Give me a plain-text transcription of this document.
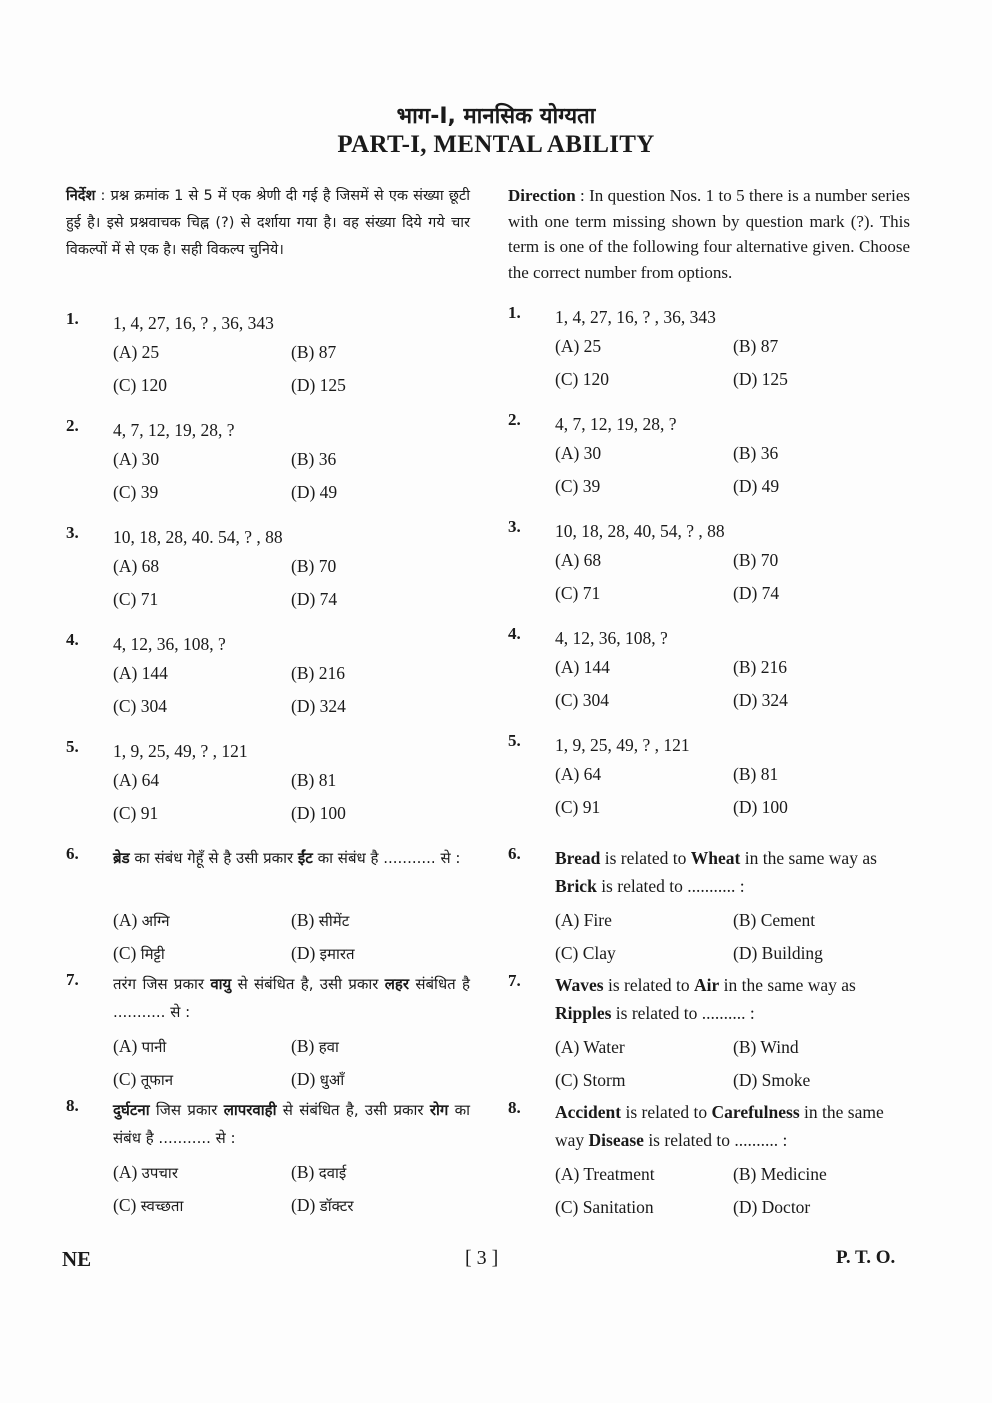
भाग-I, मानसिक योग्यता
PART-I, MENTAL ABILITY

निर्देश : प्रश्न क्रमांक 1 से 5 में एक श्रेणी दी गई है जिसमें से एक संख्या छूटी हुई है। इसे प्रश्नवाचक चिह्न (?) से दर्शाया गया है। वह संख्या दिये गये चार विकल्पों में से एक है। सही विकल्प चुनिये।

1. 1, 4, 27, 16, ? , 36, 343
(A) 25	(B) 87
(C) 120	(D) 125
2. 4, 7, 12, 19, 28, ?
(A) 30	(B) 36
(C) 39	(D) 49
3. 10, 18, 28, 40. 54, ? , 88
(A) 68	(B) 70
(C) 71	(D) 74
4. 4, 12, 36, 108, ?
(A) 144	(B) 216
(C) 304	(D) 324
5. 1, 9, 25, 49, ? , 121
(A) 64	(B) 81
(C) 91	(D) 100
6. ब्रेड का संबंध गेहूँ से है उसी प्रकार ईंट का संबंध है ........... से :
(A) अग्नि	(B) सीमेंट
(C) मिट्टी	(D) इमारत
7. तरंग जिस प्रकार वायु से संबंधित है, उसी प्रकार लहर संबंधित है ........... से :
(A) पानी	(B) हवा
(C) तूफान	(D) धुआँ
8. दुर्घटना जिस प्रकार लापरवाही से संबंधित है, उसी प्रकार रोग का संबंध है ........... से :
(A) उपचार	(B) दवाई
(C) स्वच्छता	(D) डॉक्टर

Direction : In question Nos. 1 to 5 there is a number series with one term missing shown by question mark (?). This term is one of the following four alternative given. Choose the correct number from options.

1. 1, 4, 27, 16, ? , 36, 343
(A) 25	(B) 87
(C) 120	(D) 125
2. 4, 7, 12, 19, 28, ?
(A) 30	(B) 36
(C) 39	(D) 49
3. 10, 18, 28, 40, 54, ? , 88
(A) 68	(B) 70
(C) 71	(D) 74
4. 4, 12, 36, 108, ?
(A) 144	(B) 216
(C) 304	(D) 324
5. 1, 9, 25, 49, ? , 121
(A) 64	(B) 81
(C) 91	(D) 100
6. Bread is related to Wheat in the same way as Brick is related to ........... :
(A) Fire	(B) Cement
(C) Clay	(D) Building
7. Waves is related to Air in the same way as Ripples is related to .......... :
(A) Water	(B) Wind
(C) Storm	(D) Smoke
8. Accident is related to Carefulness in the same way Disease is related to .......... :
(A) Treatment	(B) Medicine
(C) Sanitation	(D) Doctor
NE	[ 3 ]	P. T. O.
